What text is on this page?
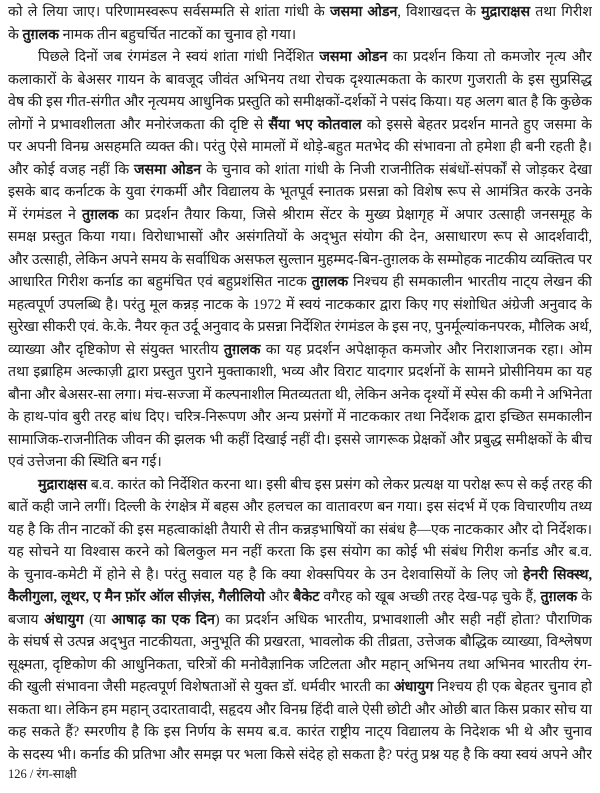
को ले लिया जाए। परिणामस्वरूप सर्वसम्मति से शांता गांधी के जसमा ओडन, विशाखदत्त के मुद्राराक्षस तथा गिरीश
के तुग़लक नामक तीन बहुचर्चित नाटकों का चुनाव हो गया।
पिछले दिनों जब रंगमंडल ने स्वयं शांता गांधी निर्देशित जसमा ओडन का प्रदर्शन किया तो कमजोर नृत्य और
कलाकारों के बेअसर गायन के बावजूद जीवंत अभिनय तथा रोचक दृश्यात्मकता के कारण गुजराती के इस सुप्रसिद्ध
वेष की इस गीत-संगीत और नृत्यमय आधुनिक प्रस्तुति को समीक्षकों-दर्शकों ने पसंद किया। यह अलग बात है कि कुछेक
लोगों ने प्रभावशीलता और मनोरंजकता की दृष्टि से सैंया भए कोतवाल को इससे बेहतर प्रदर्शन मानते हुए जसमा के
पर अपनी विनम्र असहमति व्यक्त की। परंतु ऐसे मामलों में थोड़े-बहुत मतभेद की संभावना तो हमेशा ही बनी रहती है।
और कोई वजह नहीं कि जसमा ओडन के चुनाव को शांता गांधी के निजी राजनीतिक संबंधों-संपर्कों से जोड़कर देखा
इसके बाद कर्नाटक के युवा रंगकर्मी और विद्यालय के भूतपूर्व स्नातक प्रसन्ना को विशेष रूप से आमंत्रित करके उनके
में रंगमंडल ने तुग़लक का प्रदर्शन तैयार किया, जिसे श्रीराम सेंटर के मुख्य प्रेक्षागृह में अपार उत्साही जनसमूह के
समक्ष प्रस्तुत किया गया। विरोधाभासों और असंगतियों के अद्‌भुत संयोग की देन, असाधारण रूप से आदर्शवादी,
और उत्साही, लेकिन अपने समय के सर्वाधिक असफल सुल्तान मुहम्मद-बिन-तुग़लक के सम्मोहक नाटकीय व्यक्तित्व पर
आधारित गिरीश कर्नाड का बहुमंचित एवं बहुप्रशंसित नाटक तुग़लक निश्चय ही समकालीन भारतीय नाट्‌य लेखन की
महत्वपूर्ण उपलब्धि है। परंतु मूल कन्नड़ नाटक के 1972 में स्वयं नाटककार द्वारा किए गए संशोधित अंग्रेजी अनुवाद के
सुरेखा सीकरी एवं. के.के. नैयर कृत उर्दू अनुवाद के प्रसन्ना निर्देशित रंगमंडल के इस नए, पुनर्मूल्यांकनपरक, मौलिक अर्थ,
व्याख्या और दृष्टिकोण से संयुक्त भारतीय तुग़लक का यह प्रदर्शन अपेक्षाकृत कमजोर और निराशाजनक रहा। ओम
तथा इब्राहिम अल्काज़ी द्वारा प्रस्तुत पुराने मुक्ताकाशी, भव्य और विराट यादगार प्रदर्शनों के सामने प्रोसीनियम का यह
बौना और बेअसर-सा लगा। मंच-सज्जा में कल्पनाशील मितव्यतता थी, लेकिन अनेक दृश्यों में स्पेस की कमी ने अभिनेता
के हाथ-पांव बुरी तरह बांध दिए। चरित्र-निरूपण और अन्य प्रसंगों में नाटककार तथा निर्देशक द्वारा इच्छित समकालीन
सामाजिक-राजनीतिक जीवन की झलक भी कहीं दिखाई नहीं दी। इससे जागरूक प्रेक्षकों और प्रबुद्ध समीक्षकों के बीच
एवं उत्तेजना की स्थिति बन गई।
मुद्राराक्षस ब.व. कारंत को निर्देशित करना था। इसी बीच इस प्रसंग को लेकर प्रत्यक्ष या परोक्ष रूप से कई तरह की
बातें कही जाने लगीं। दिल्ली के रंगक्षेत्र में बहस और हलचल का वातावरण बन गया। इस संदर्भ में एक विचारणीय तथ्य
यह है कि तीन नाटकों की इस महत्वाकांक्षी तैयारी से तीन कन्नड़भाषियों का संबंध है—एक नाटककार और दो निर्देशक।
यह सोचने या विश्वास करने को बिलकुल मन नहीं करता कि इस संयोग का कोई भी संबंध गिरीश कर्नाड और ब.व.
के चुनाव-कमेटी में होने से है। परंतु सवाल यह है कि क्या शेक्सपियर के उन देशवासियों के लिए जो हेनरी सिक्स्थ,
कैलीगुला, लूथर, ए मैन फ़ॉर ऑल सीज़ंस, गैलीलियो और बैकेट वगैरह को खूब अच्छी तरह देख-पढ़ चुके हैं, तुग़लक के
बजाय अंधायुग (या आषाढ़ का एक दिन) का प्रदर्शन अधिक भारतीय, प्रभावशाली और सही नहीं होता? पौराणिक
के संघर्ष से उत्पन्न अद्‌भुत नाटकीयता, अनुभूति की प्रखरता, भावलोक की तीव्रता, उत्तेजक बौद्धिक व्याख्या, विश्लेषण
सूक्ष्मता, दृष्टिकोण की आधुनिकता, चरित्रों की मनोवैज्ञानिक जटिलता और महान् अभिनय तथा अभिनव भारतीय रंग-
की खुली संभावना जैसी महत्वपूर्ण विशेषताओं से युक्त डॉ. धर्मवीर भारती का अंधायुग निश्चय ही एक बेहतर चुनाव हो
सकता था। लेकिन हम महान् उदारतावादी, सहृदय और विनम्र हिंदी वाले ऐसी छोटी और ओछी बात किस प्रकार सोच या
कह सकते हैं? स्मरणीय है कि इस निर्णय के समय ब.व. कारंत राष्ट्रीय नाट्‌य विद्यालय के निदेशक भी थे और चुनाव
के सदस्य भी। कर्नाड की प्रतिभा और समझ पर भला किसे संदेह हो सकता है? परंतु प्रश्न यह है कि क्या स्वयं अपने और
126 / रंग-साक्षी
